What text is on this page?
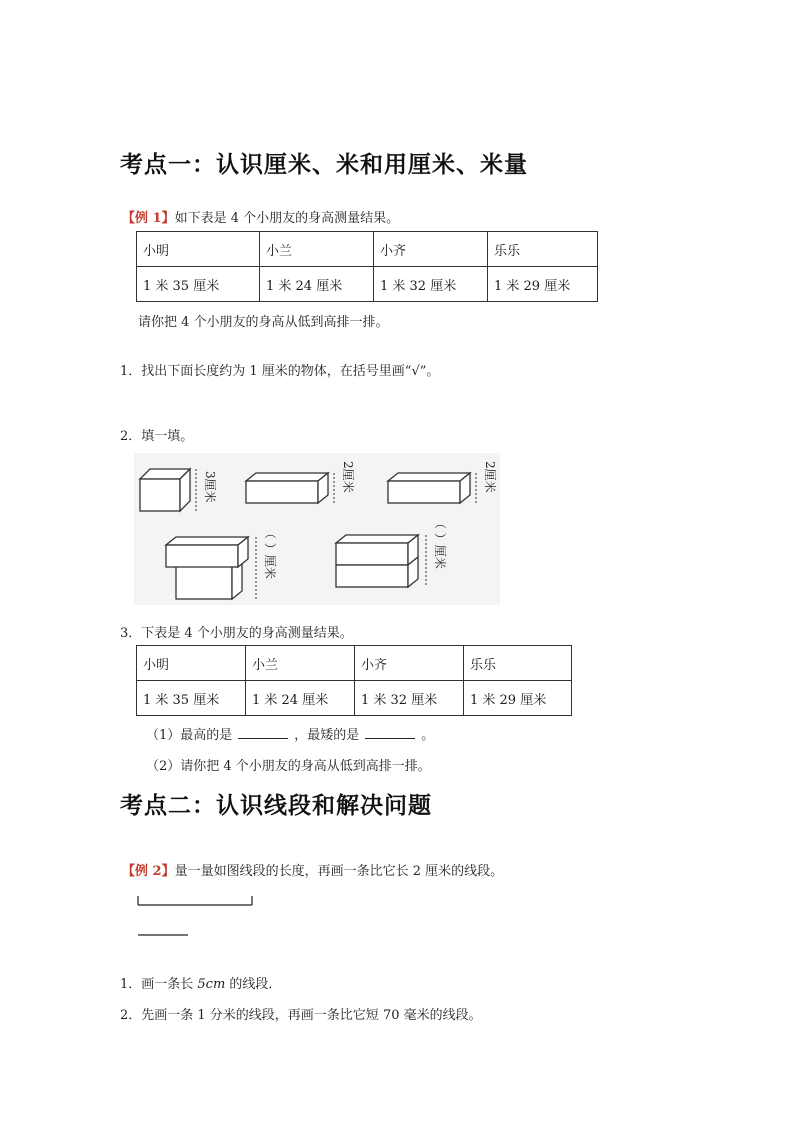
考点一：认识厘米、米和用厘米、米量
【例 1】如下表是 4 个小朋友的身高测量结果。
小明	小兰	小齐	乐乐
1 米 35 厘米	1 米 24 厘米	1 米 32 厘米	1 米 29 厘米
请你把 4 个小朋友的身高从低到高排一排。
1．找出下面长度约为 1 厘米的物体，在括号里画“√”。
2．填一填。
3厘米	2厘米	2厘米
（ ）厘米	（ ）厘米
3．下表是 4 个小朋友的身高测量结果。
小明	小兰	小齐	乐乐
1 米 35 厘米	1 米 24 厘米	1 米 32 厘米	1 米 29 厘米
（1）最高的是	，最矮的是	。
（2）请你把 4 个小朋友的身高从低到高排一排。
考点二：认识线段和解决问题
【例 2】量一量如图线段的长度，再画一条比它长 2 厘米的线段。
1．画一条长 5cm 的线段．
2．先画一条 1 分米的线段，再画一条比它短 70 毫米的线段。
